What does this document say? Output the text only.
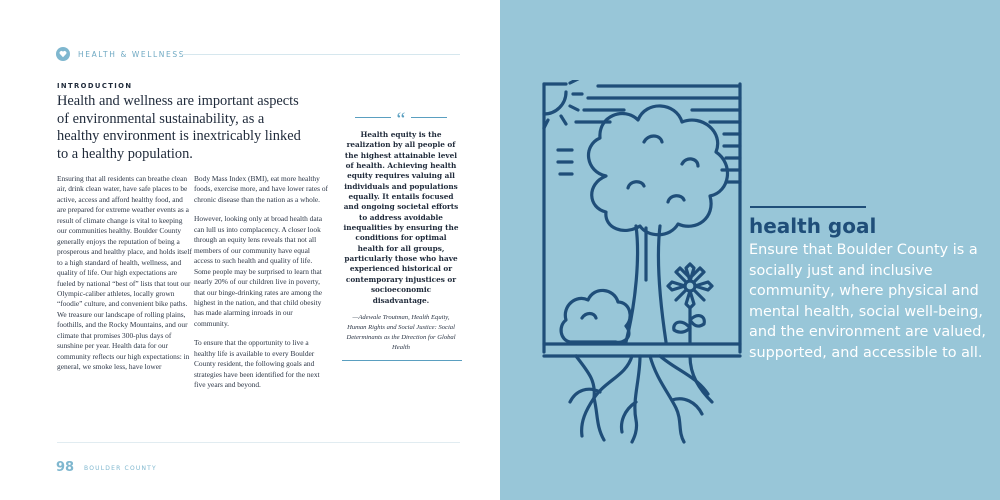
HEALTH & WELLNESS
INTRODUCTION
Health and wellness are important aspects of environmental sustainability, as a healthy environment is inextricably linked to a healthy population.

Ensuring that all residents can breathe clean air, drink clean water, have safe places to be active, access and afford healthy food, and are prepared for extreme weather events as a result of climate change is vital to keeping our communities healthy. Boulder County generally enjoys the reputation of being a prosperous and healthy place, and holds itself to a high standard of health, wellness, and quality of life. Our high expectations are fueled by national “best of” lists that tout our Olympic-caliber athletes, locally grown “foodie” culture, and convenient bike paths. We treasure our landscape of rolling plains, foothills, and the Rocky Mountains, and our climate that promises 300-plus days of sunshine per year. Health data for our community reflects our high expectations: in general, we smoke less, have lower

Body Mass Index (BMI), eat more healthy foods, exercise more, and have lower rates of chronic disease than the nation as a whole.

However, looking only at broad health data can lull us into complacency. A closer look through an equity lens reveals that not all members of our community have equal access to such health and quality of life. Some people may be surprised to learn that nearly 20% of our children live in poverty, that our binge-drinking rates are among the highest in the nation, and that child obesity has made alarming inroads in our community.

To ensure that the opportunity to live a healthy life is available to every Boulder County resident, the following goals and strategies have been identified for the next five years and beyond.

“
Health equity is the realization by all people of the highest attainable level of health. Achieving health equity requires valuing all individuals and populations equally. It entails focused and ongoing societal efforts to address avoidable inequalities by ensuring the conditions for optimal health for all groups, particularly those who have experienced historical or contemporary injustices or socioeconomic disadvantage.
—Adewale Troutman, Health Equity, Human Rights and Social Justice: Social Determinants as the Direction for Global Health
98 BOULDER COUNTY
health goal
Ensure that Boulder County is a socially just and inclusive community, where physical and mental health, social well-being, and the environment are valued, supported, and accessible to all.
